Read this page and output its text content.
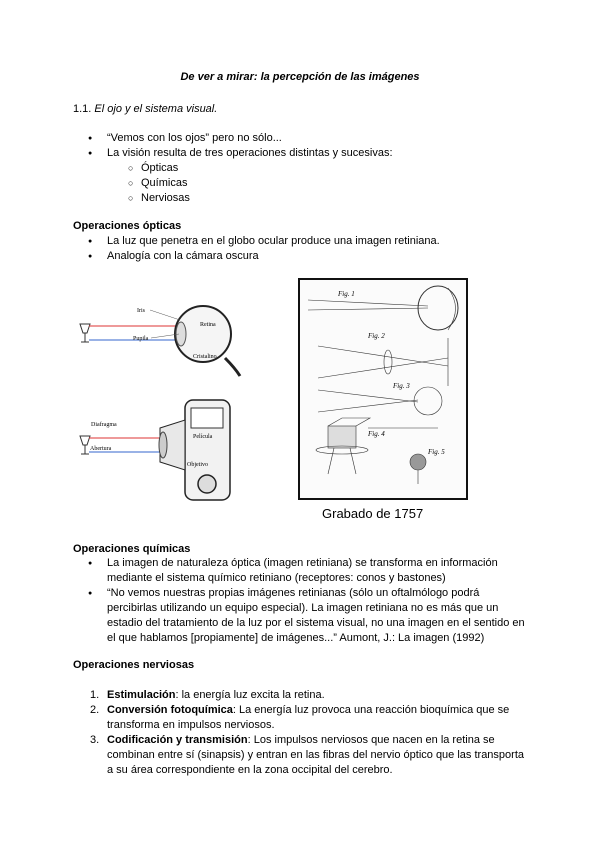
De ver a mirar: la percepción de las imágenes
1.1. El ojo y el sistema visual.
● “Vemos con los ojos” pero no sólo...
● La visión resulta de tres operaciones distintas y sucesivas:
○ Ópticas
○ Químicas
○ Nerviosas
Operaciones ópticas
● La luz que penetra en el globo ocular produce una imagen retiniana.
● Analogía con la cámara oscura
Iris
Retina
Pupila
Cristalino
Diafragma
Película
Abertura
Objetivo
Fig. 1
Fig. 2
Fig. 3
Fig. 4
Fig. 5
Grabado de 1757
Operaciones químicas
● La imagen de naturaleza óptica (imagen retiniana) se transforma en información mediante el sistema químico retiniano (receptores: conos y bastones)
● “No vemos nuestras propias imágenes retinianas (sólo un oftalmólogo podrá percibirlas utilizando un equipo especial). La imagen retiniana no es más que un estadio del tratamiento de la luz por el sistema visual, no una imagen en el sentido en el que hablamos [propiamente] de imágenes...” Aumont, J.: La imagen (1992)
Operaciones nerviosas
1. Estimulación: la energía luz excita la retina.
2. Conversión fotoquímica: La energía luz provoca una reacción bioquímica que se transforma en impulsos nerviosos.
3. Codificación y transmisión: Los impulsos nerviosos que nacen en la retina se combinan entre sí (sinapsis) y entran en las fibras del nervio óptico que las transporta a su área correspondiente en la zona occipital del cerebro.
